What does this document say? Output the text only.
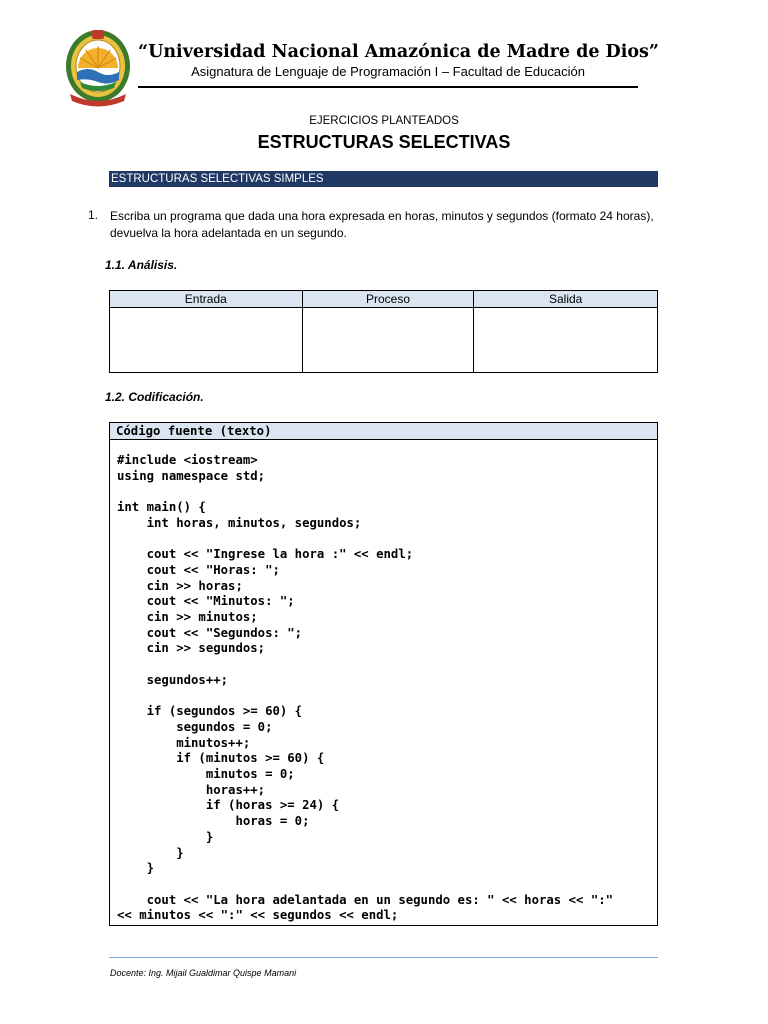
“Universidad Nacional Amazónica de Madre de Dios”
Asignatura de Lenguaje de Programación I – Facultad de Educación
EJERCICIOS PLANTEADOS
ESTRUCTURAS SELECTIVAS
ESTRUCTURAS SELECTIVAS SIMPLES
1. Escriba un programa que dada una hora expresada en horas, minutos y segundos (formato 24 horas), devuelva la hora adelantada en un segundo.
1.1. Análisis.
Entrada	Proceso	Salida

1.2. Codificación.
Código fuente (texto)
#include <iostream>
using namespace std;

int main() {
int horas, minutos, segundos;

cout << "Ingrese la hora :" << endl;
cout << "Horas: ";
cin >> horas;
cout << "Minutos: ";
cin >> minutos;
cout << "Segundos: ";
cin >> segundos;

segundos++;

if (segundos >= 60) {
segundos = 0;
minutos++;
if (minutos >= 60) {
minutos = 0;
horas++;
if (horas >= 24) {
horas = 0;
}
}
}

cout << "La hora adelantada en un segundo es: " << horas << ":"
<< minutos << ":" << segundos << endl;
Docente: Ing. Mijail Gualdimar Quispe Mamani
